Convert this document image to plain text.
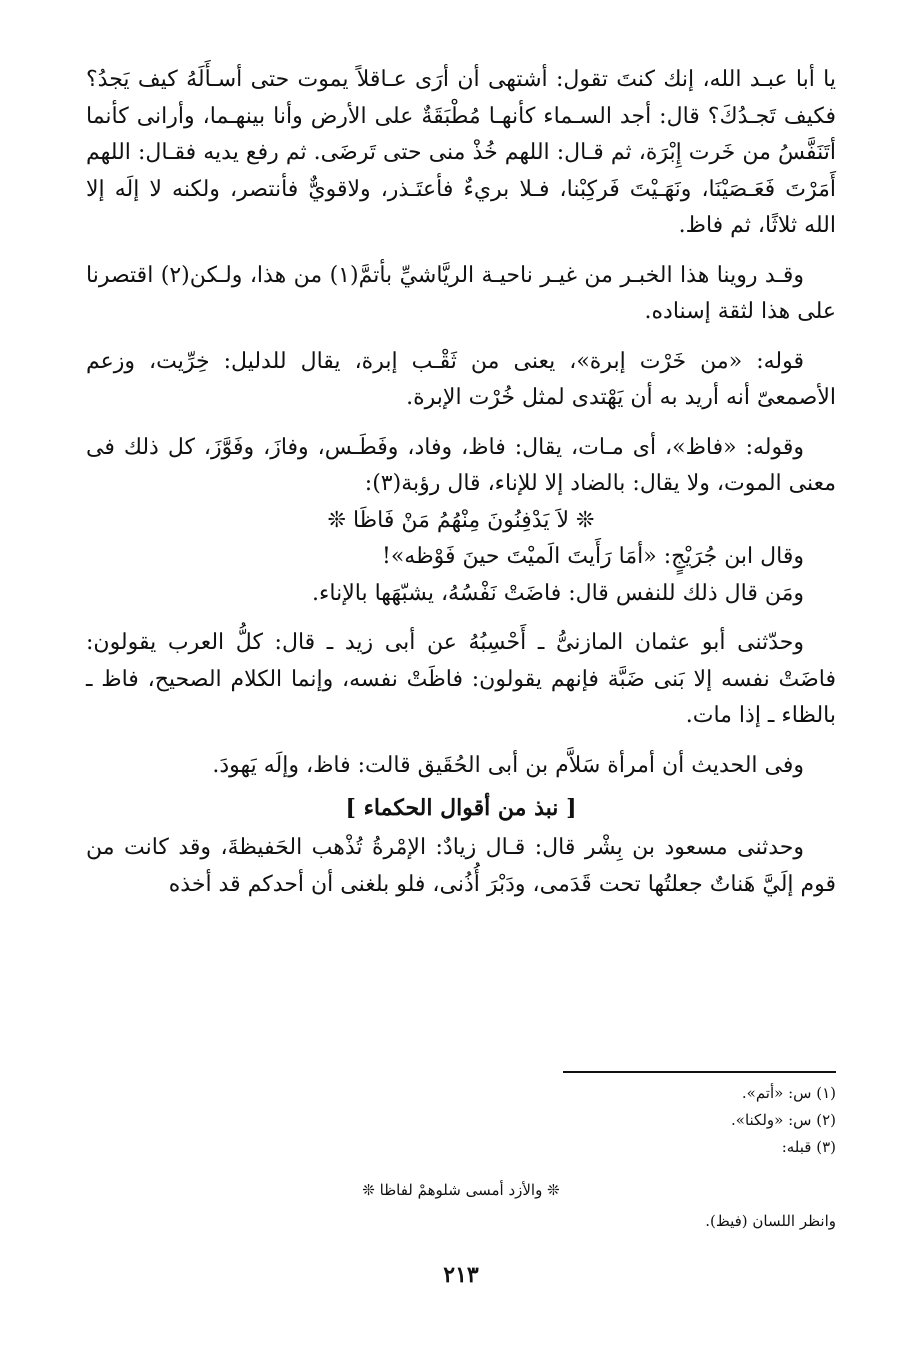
يا أبا عبـد الله، إنك كنتَ تقول: أشتهى أن أرَى عـاقلاً يموت حتى أسـأَلَهُ كيف يَجدُ؟ فكيف تَجـدُكَ؟ قال: أجد السـماء كأنهـا مُطْبَقَةٌ على الأرض وأنا بينهـما، وأرانى كأنما أتَنَفَّسُ من خَرت إِبْرَة، ثم قـال: اللهم خُذْ منى حتى تَرضَى. ثم رفع يديه فقـال: اللهم أَمَرْتَ فَعَـصَيْنَا، ونَهَـيْتَ فَركِبْنا، فـلا بريءٌ فأعتَـذر، ولاقويٌّ فأنتصر، ولكنه لا إلَه إلا الله ثلاثًا، ثم فاظ.

وقـد روينا هذا الخبـر من غيـر ناحيـة الريَّاشيِّ بأتمَّ(١) من هذا، ولـكن(٢) اقتصرنا على هذا لثقة إسناده.

قوله: «من خَرْت إبرة»، يعنى من ثَقْـب إبرة، يقال للدليل: خِرِّيت، وزعم الأصمعىّ أنه أريد به أن يَهْتدى لمثل خُرْت الإبرة.

وقوله: «فاظ»، أى مـات، يقال: فاظ، وفاد، وفَطَـس، وفازَ، وفَوَّزَ، كل ذلك فى معنى الموت، ولا يقال: بالضاد إلا للإناء، قال رؤبة(٣):

❊ لاَ يَدْفِنُونَ مِنْهُمُ مَنْ فَاظَا ❊

وقال ابن جُرَيْجٍ: «أمَا رَأَيتَ الَميْتَ حينَ فَوْظه»!

ومَن قال ذلك للنفس قال: فاضَتْ نَفْسُهُ، يشبّهَها بالإناء.

وحدّثنى أبو عثمان المازنىُّ ـ أَحْسِبُهُ عن أبى زيد ـ قال: كلُّ العرب يقولون: فاضَتْ نفسه إلا بَنى ضَبَّة فإنهم يقولون: فاظَتْ نفسه، وإنما الكلام الصحيح، فاظ ـ بالظاء ـ إذا مات.

وفى الحديث أن أمرأة سَلاَّم بن أبى الحُقَيق قالت: فاظ، وإلَه يَهودَ.

[ نبذ من أقوال الحكماء ]

وحدثنى مسعود بن بِشْر قال: قـال زيادٌ: الإمْرةُ تُذْهب الحَفيظةَ، وقد كانت من قوم إلَيَّ هَناتٌ جعلتُها تحت قَدَمى، ودَبْرَ أُذُنى، فلو بلغنى أن أحدكم قد أخذه

(١) س: «أتم».

(٢) س: «ولكنا».

(٣) قبله:

❊ والأزد أمسى شلوهمْ لفاظا ❊

وانظر اللسان (فيظ).

٢١٣
